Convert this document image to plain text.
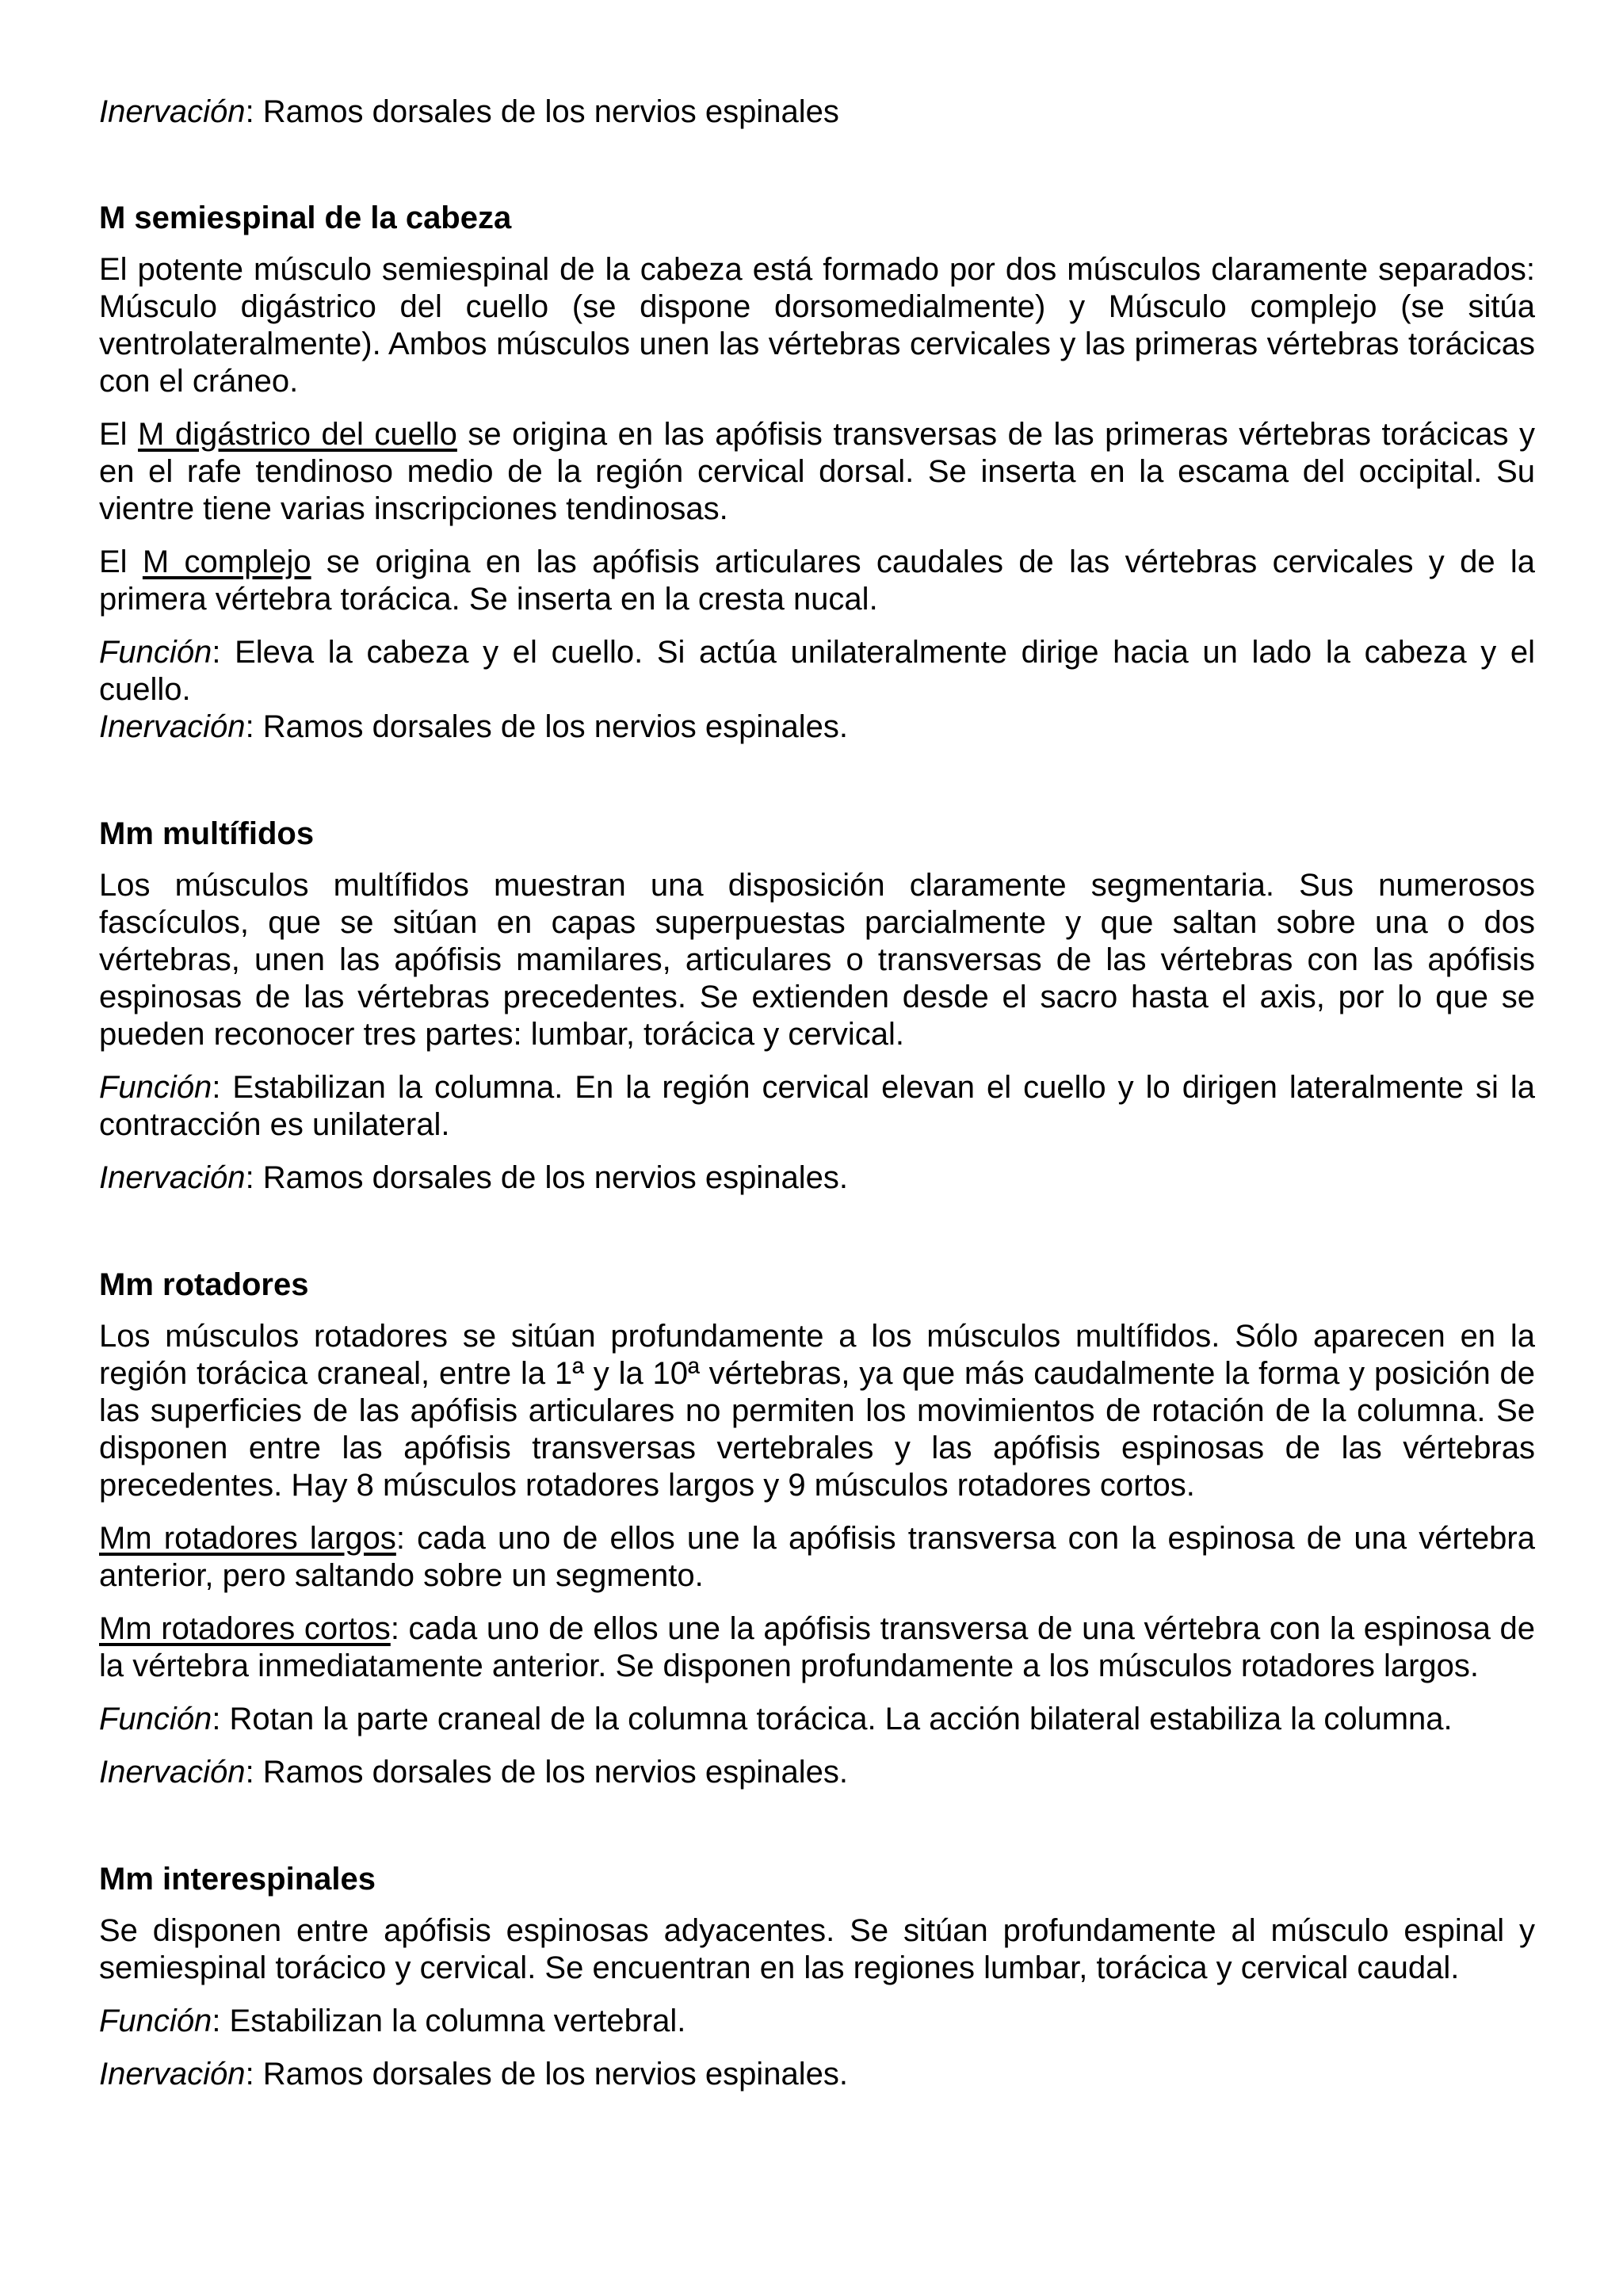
Inervación: Ramos dorsales de los nervios espinales

M semiespinal de la cabeza

El potente músculo semiespinal de la cabeza está formado por dos músculos claramente separados: Músculo digástrico del cuello (se dispone dorsomedialmente) y Músculo complejo (se sitúa ventrolateralmente). Ambos músculos unen las vértebras cervicales y las primeras vértebras torácicas con el cráneo.

El M digástrico del cuello se origina en las apófisis transversas de las primeras vértebras torácicas y en el rafe tendinoso medio de la región cervical dorsal. Se inserta en la escama del occipital. Su vientre tiene varias inscripciones tendinosas.

El M complejo se origina en las apófisis articulares caudales de las vértebras cervicales y de la primera vértebra torácica. Se inserta en la cresta nucal.

Función: Eleva la cabeza y el cuello. Si actúa unilateralmente dirige hacia un lado la cabeza y el cuello.

Inervación: Ramos dorsales de los nervios espinales.

Mm multífidos

Los músculos multífidos muestran una disposición claramente segmentaria. Sus numerosos fascículos, que se sitúan en capas superpuestas parcialmente y que saltan sobre una o dos vértebras, unen las apófisis mamilares, articulares o transversas de las vértebras con las apófisis espinosas de las vértebras precedentes. Se extienden desde el sacro hasta el axis, por lo que se pueden reconocer tres partes: lumbar, torácica y cervical.

Función: Estabilizan la columna. En la región cervical elevan el cuello y lo dirigen lateralmente si la contracción es unilateral.

Inervación: Ramos dorsales de los nervios espinales.

Mm rotadores

Los músculos rotadores se sitúan profundamente a los músculos multífidos. Sólo aparecen en la región torácica craneal, entre la 1ª y la 10ª vértebras, ya que más caudalmente la forma y posición de las superficies de las apófisis articulares no permiten los movimientos de rotación de la columna. Se disponen entre las apófisis transversas vertebrales y las apófisis espinosas de las vértebras precedentes. Hay 8 músculos rotadores largos y 9 músculos rotadores cortos.

Mm rotadores largos: cada uno de ellos une la apófisis transversa con la espinosa de una vértebra anterior, pero saltando sobre un segmento.

Mm rotadores cortos: cada uno de ellos une la apófisis transversa de una vértebra con la espinosa de la vértebra inmediatamente anterior. Se disponen profundamente a los músculos rotadores largos.

Función: Rotan la parte craneal de la columna torácica. La acción bilateral estabiliza la columna.

Inervación: Ramos dorsales de los nervios espinales.

Mm interespinales

Se disponen entre apófisis espinosas adyacentes. Se sitúan profundamente al músculo espinal y semiespinal torácico y cervical. Se encuentran en las regiones lumbar, torácica y cervical caudal.

Función: Estabilizan la columna vertebral.

Inervación: Ramos dorsales de los nervios espinales.
